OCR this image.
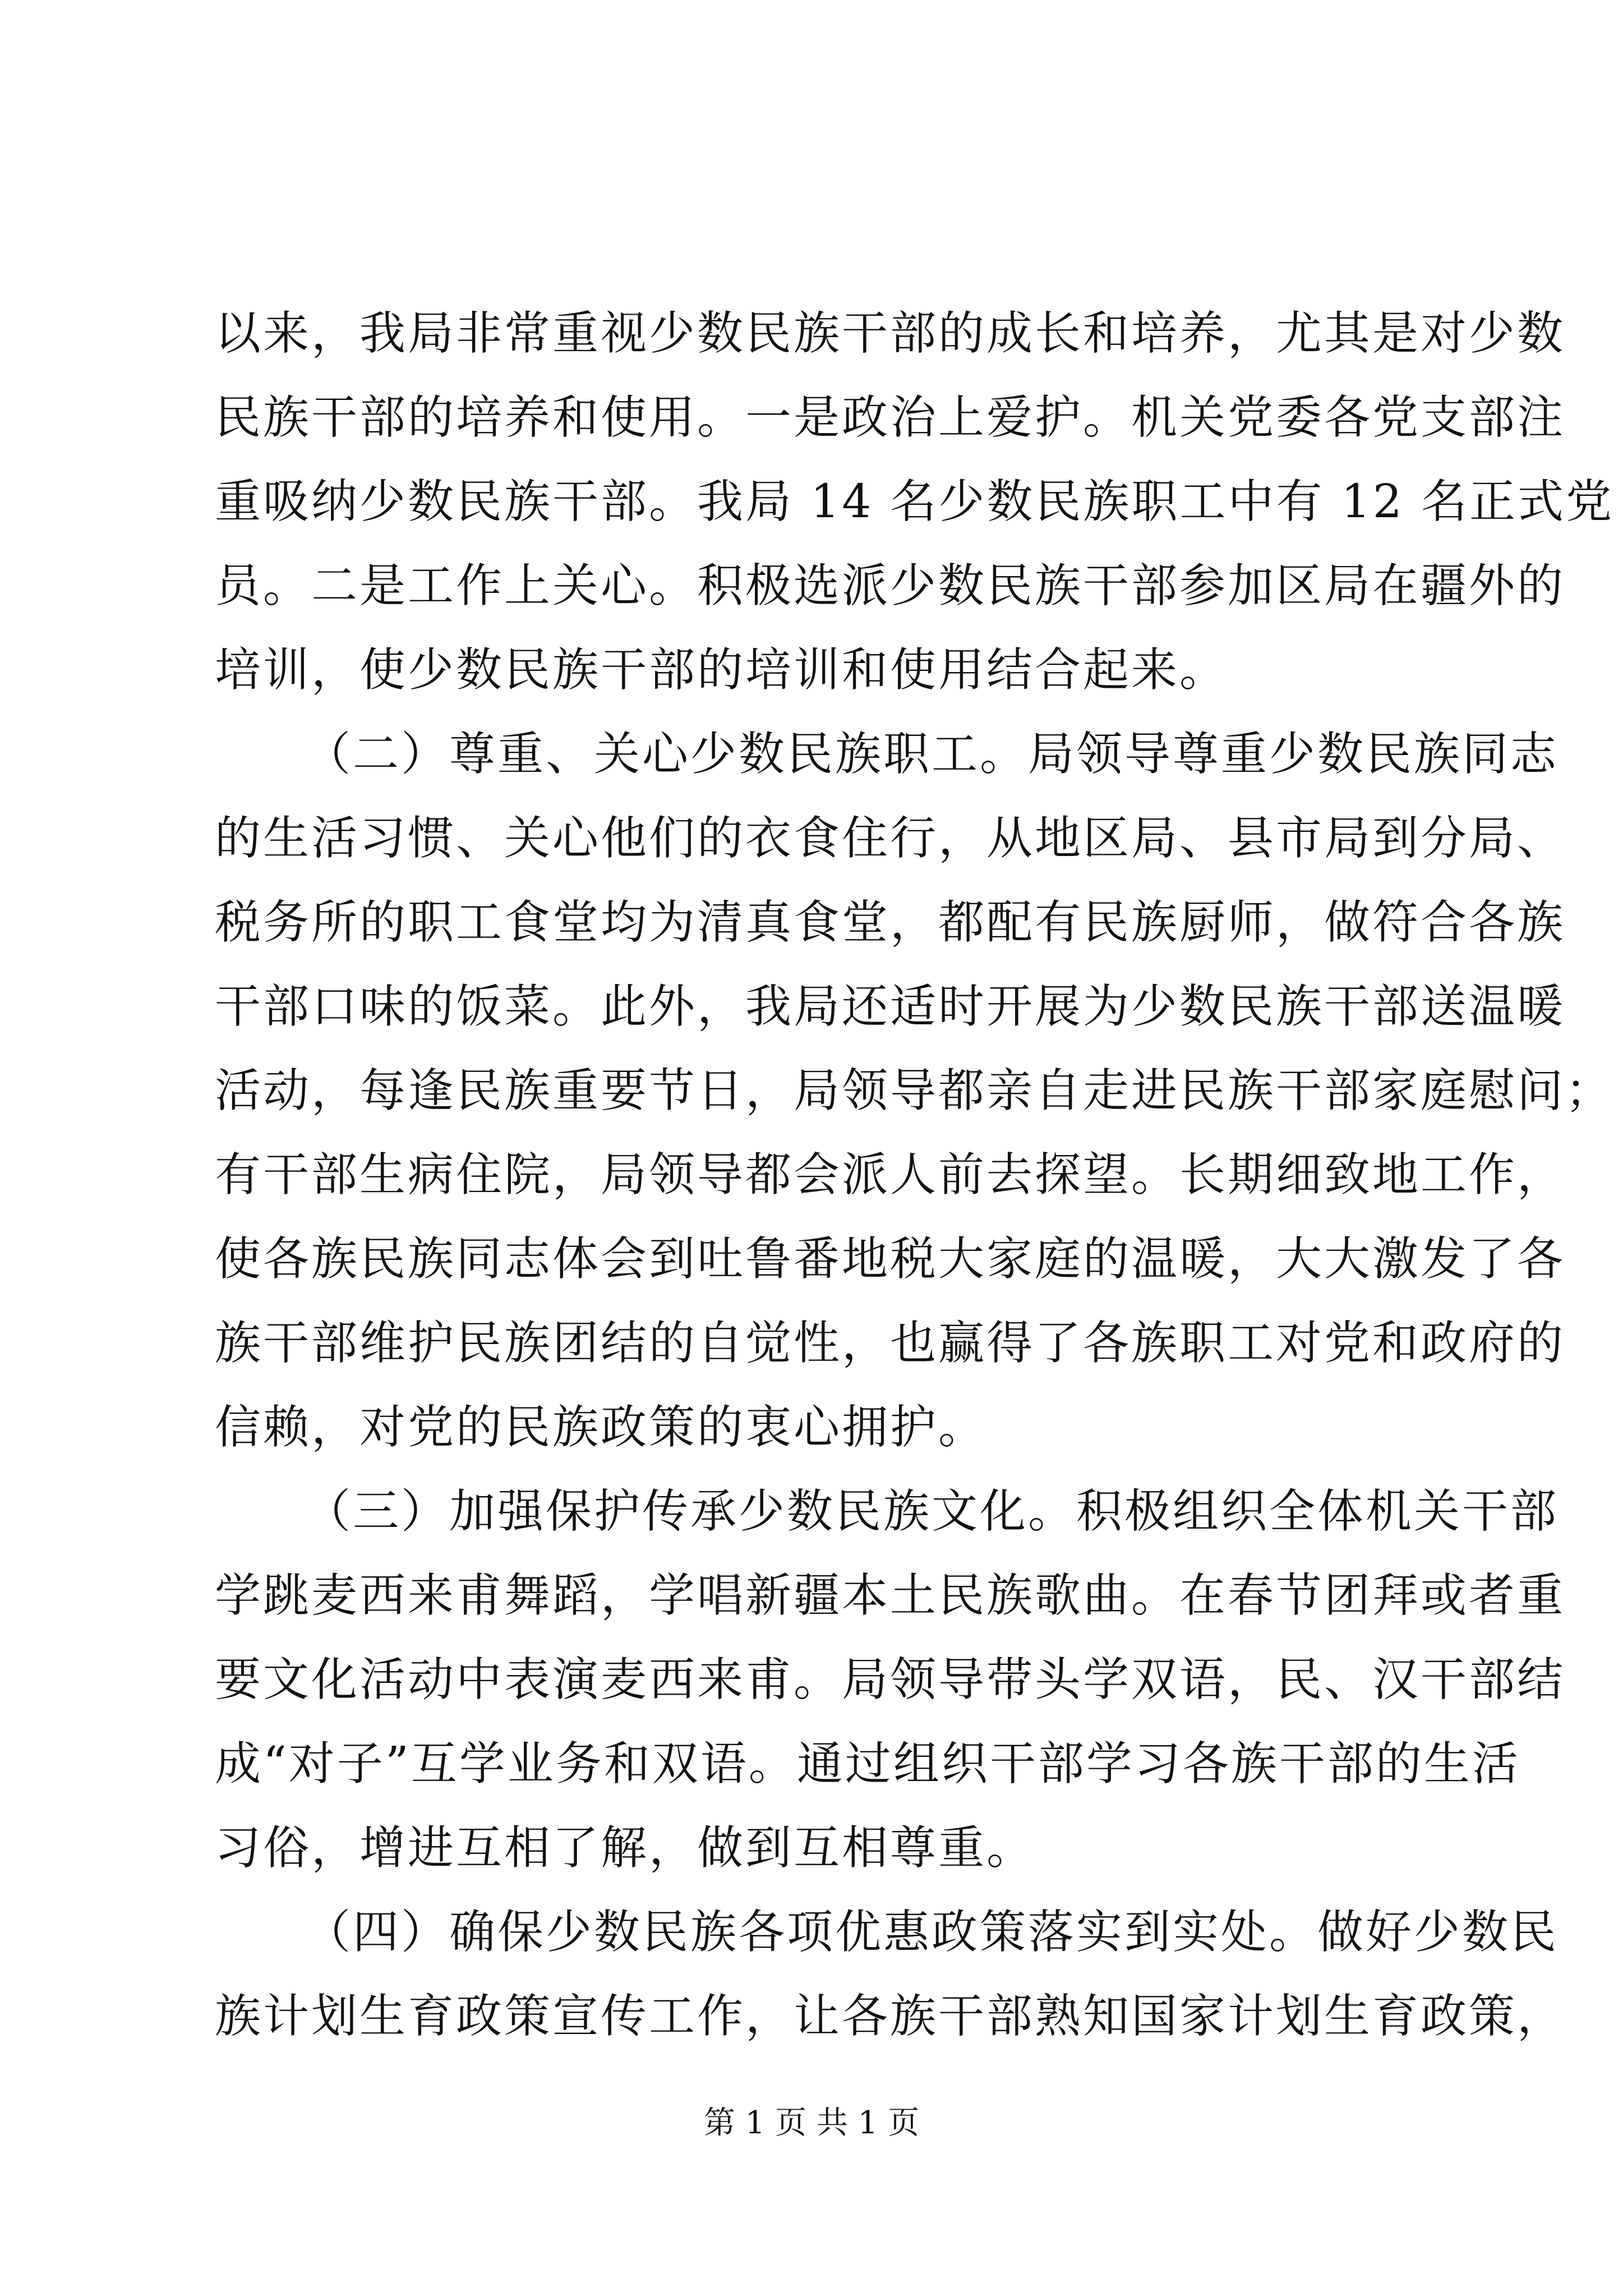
以来，我局非常重视少数民族干部的成长和培养，尤其是对少数
民族干部的培养和使用。一是政治上爱护。机关党委各党支部注
重吸纳少数民族干部。我局 14 名少数民族职工中有 12 名正式党
员。二是工作上关心。积极选派少数民族干部参加区局在疆外的
培训，使少数民族干部的培训和使用结合起来。
（二）尊重、关心少数民族职工。局领导尊重少数民族同志
的生活习惯、关心他们的衣食住行，从地区局、县市局到分局、
税务所的职工食堂均为清真食堂，都配有民族厨师，做符合各族
干部口味的饭菜。此外，我局还适时开展为少数民族干部送温暖
活动，每逢民族重要节日，局领导都亲自走进民族干部家庭慰问；
有干部生病住院，局领导都会派人前去探望。长期细致地工作，
使各族民族同志体会到吐鲁番地税大家庭的温暖，大大激发了各
族干部维护民族团结的自觉性，也赢得了各族职工对党和政府的
信赖，对党的民族政策的衷心拥护。
（三）加强保护传承少数民族文化。积极组织全体机关干部
学跳麦西来甫舞蹈，学唱新疆本土民族歌曲。在春节团拜或者重
要文化活动中表演麦西来甫。局领导带头学双语，民、汉干部结
成“对子”互学业务和双语。通过组织干部学习各族干部的生活
习俗，增进互相了解，做到互相尊重。
（四）确保少数民族各项优惠政策落实到实处。做好少数民
族计划生育政策宣传工作，让各族干部熟知国家计划生育政策，
第 1 页 共 1 页
